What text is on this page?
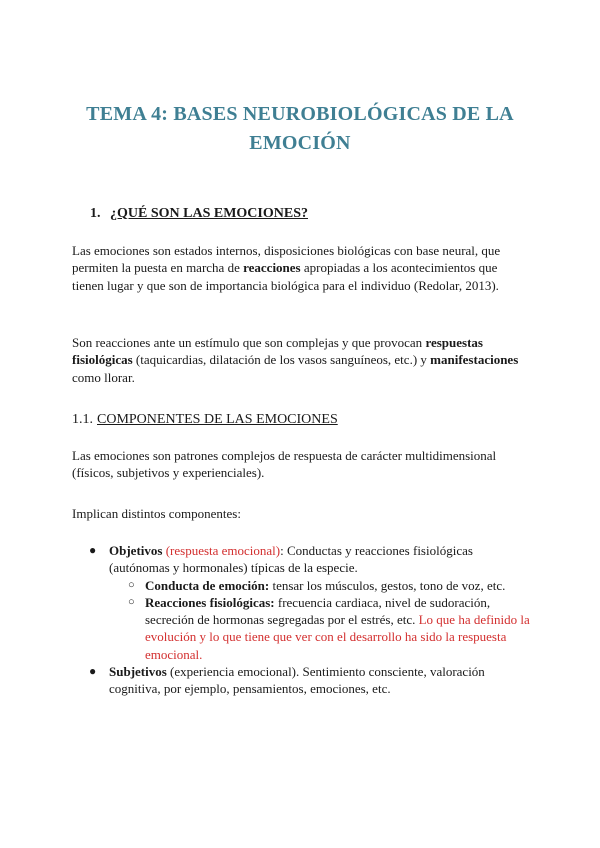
TEMA 4: BASES NEUROBIOLÓGICAS DE LA
EMOCIÓN
1. ¿QUÉ SON LAS EMOCIONES?

Las emociones son estados internos, disposiciones biológicas con base neural, que permiten la puesta en marcha de reacciones apropiadas a los acontecimientos que tienen lugar y que son de importancia biológica para el individuo (Redolar, 2013).

Son reacciones ante un estímulo que son complejas y que provocan respuestas fisiológicas (taquicardias, dilatación de los vasos sanguíneos, etc.) y manifestaciones como llorar.

1.1. COMPONENTES DE LAS EMOCIONES

Las emociones son patrones complejos de respuesta de carácter multidimensional (físicos, subjetivos y experienciales).

Implican distintos componentes:

● Objetivos (respuesta emocional): Conductas y reacciones fisiológicas (autónomas y hormonales) típicas de la especie.

○ Conducta de emoción: tensar los músculos, gestos, tono de voz, etc.

○ Reacciones fisiológicas: frecuencia cardiaca, nivel de sudoración, secreción de hormonas segregadas por el estrés, etc. Lo que ha definido la evolución y lo que tiene que ver con el desarrollo ha sido la respuesta emocional.

● Subjetivos (experiencia emocional). Sentimiento consciente, valoración cognitiva, por ejemplo, pensamientos, emociones, etc.
